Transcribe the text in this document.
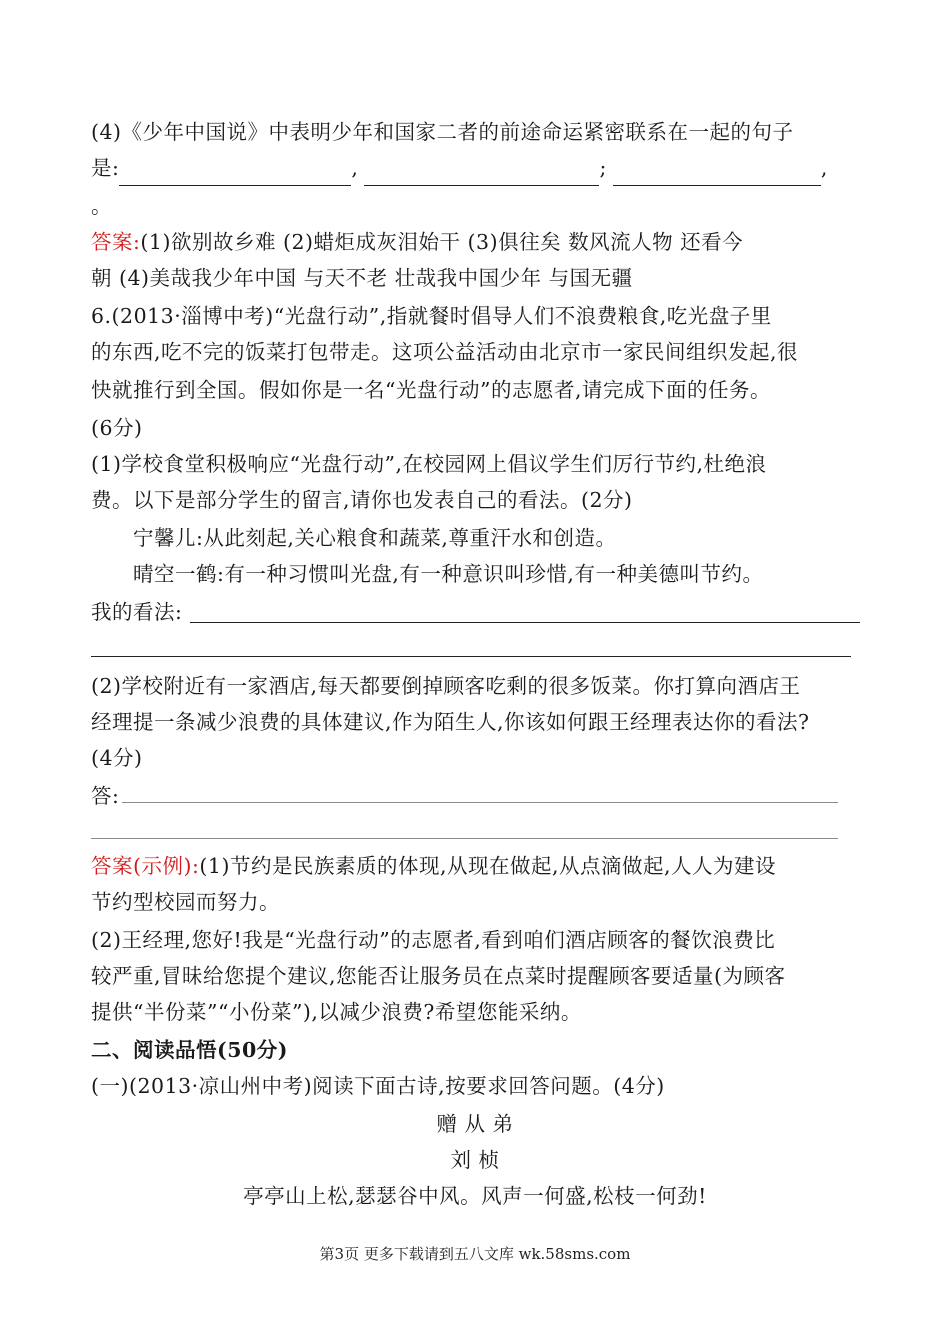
(4)《少年中国说》中表明少年和国家二者的前途命运紧密联系在一起的句子
是:	,	;	,
。
答案:(1)欲别故乡难 (2)蜡炬成灰泪始干 (3)俱往矣 数风流人物 还看今
朝 (4)美哉我少年中国 与天不老 壮哉我中国少年 与国无疆
6.(2013·淄博中考)“光盘行动”,指就餐时倡导人们不浪费粮食,吃光盘子里
的东西,吃不完的饭菜打包带走。这项公益活动由北京市一家民间组织发起,很
快就推行到全国。假如你是一名“光盘行动”的志愿者,请完成下面的任务。
(6分)
(1)学校食堂积极响应“光盘行动”,在校园网上倡议学生们厉行节约,杜绝浪
费。以下是部分学生的留言,请你也发表自己的看法。(2分)
宁馨儿:从此刻起,关心粮食和蔬菜,尊重汗水和创造。
晴空一鹤:有一种习惯叫光盘,有一种意识叫珍惜,有一种美德叫节约。
我的看法:
(2)学校附近有一家酒店,每天都要倒掉顾客吃剩的很多饭菜。你打算向酒店王
经理提一条减少浪费的具体建议,作为陌生人,你该如何跟王经理表达你的看法?
(4分)
答:
答案(示例):(1)节约是民族素质的体现,从现在做起,从点滴做起,人人为建设
节约型校园而努力。
(2)王经理,您好!我是“光盘行动”的志愿者,看到咱们酒店顾客的餐饮浪费比
较严重,冒昧给您提个建议,您能否让服务员在点菜时提醒顾客要适量(为顾客
提供“半份菜”“小份菜”),以减少浪费?希望您能采纳。
二、阅读品悟(50分)
(一)(2013·凉山州中考)阅读下面古诗,按要求回答问题。(4分)
赠 从 弟
刘 桢
亭亭山上松,瑟瑟谷中风。风声一何盛,松枝一何劲!
第3页 更多下载请到五八文库 wk.58sms.com
